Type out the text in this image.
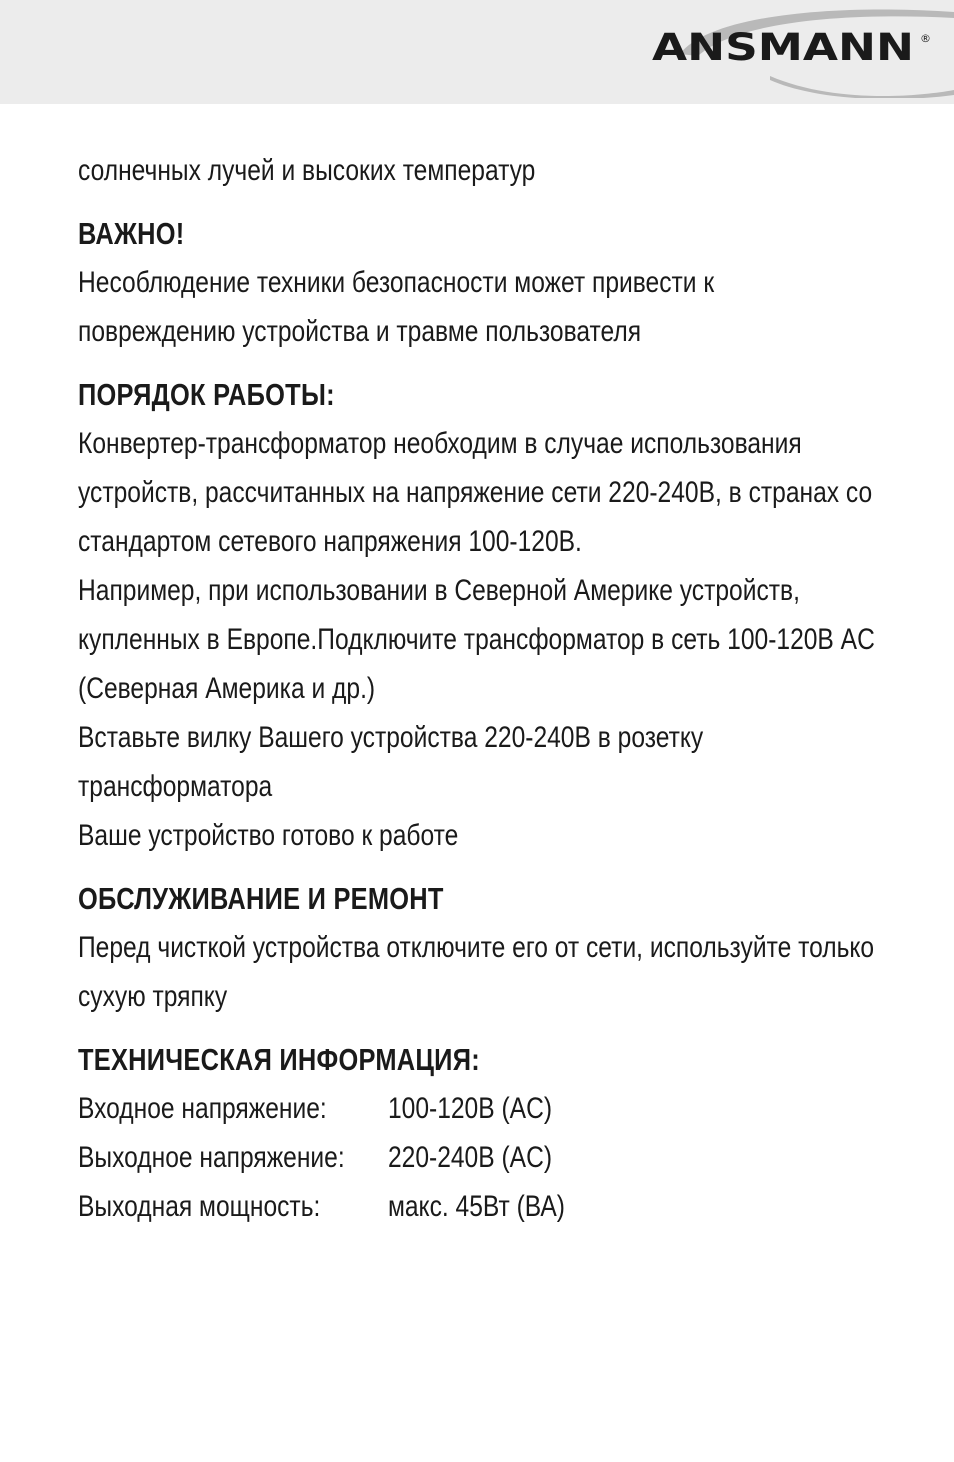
ANSMANN ®

солнечных лучей и высоких температур

ВАЖНО!

Несоблюдение техники безопасности может привести к

повреждению устройства и травме пользователя

ПОРЯДОК РАБОТЫ:

Конвертер-трансформатор необходим в случае использования

устройств, рассчитанных на напряжение сети 220-240В, в странах со

стандартом сетевого напряжения 100-120В.

Например, при использовании в Северной Америке устройств,

купленных в Европе.Подключите трансформатор в сеть 100-120В AC

(Северная Америка и др.)

Вставьте вилку Вашего устройства 220-240В в розетку

трансформатора

Ваше устройство готово к работе

ОБСЛУЖИВАНИЕ И РЕМОНТ

Перед чисткой устройства отключите его от сети, используйте только

сухую тряпку

ТЕХНИЧЕСКАЯ ИНФОРМАЦИЯ:
Входное напряжение:	100-120В (AC)
Выходное напряжение:	220-240В (AC)
Выходная мощность:	макс. 45Вт (ВА)
